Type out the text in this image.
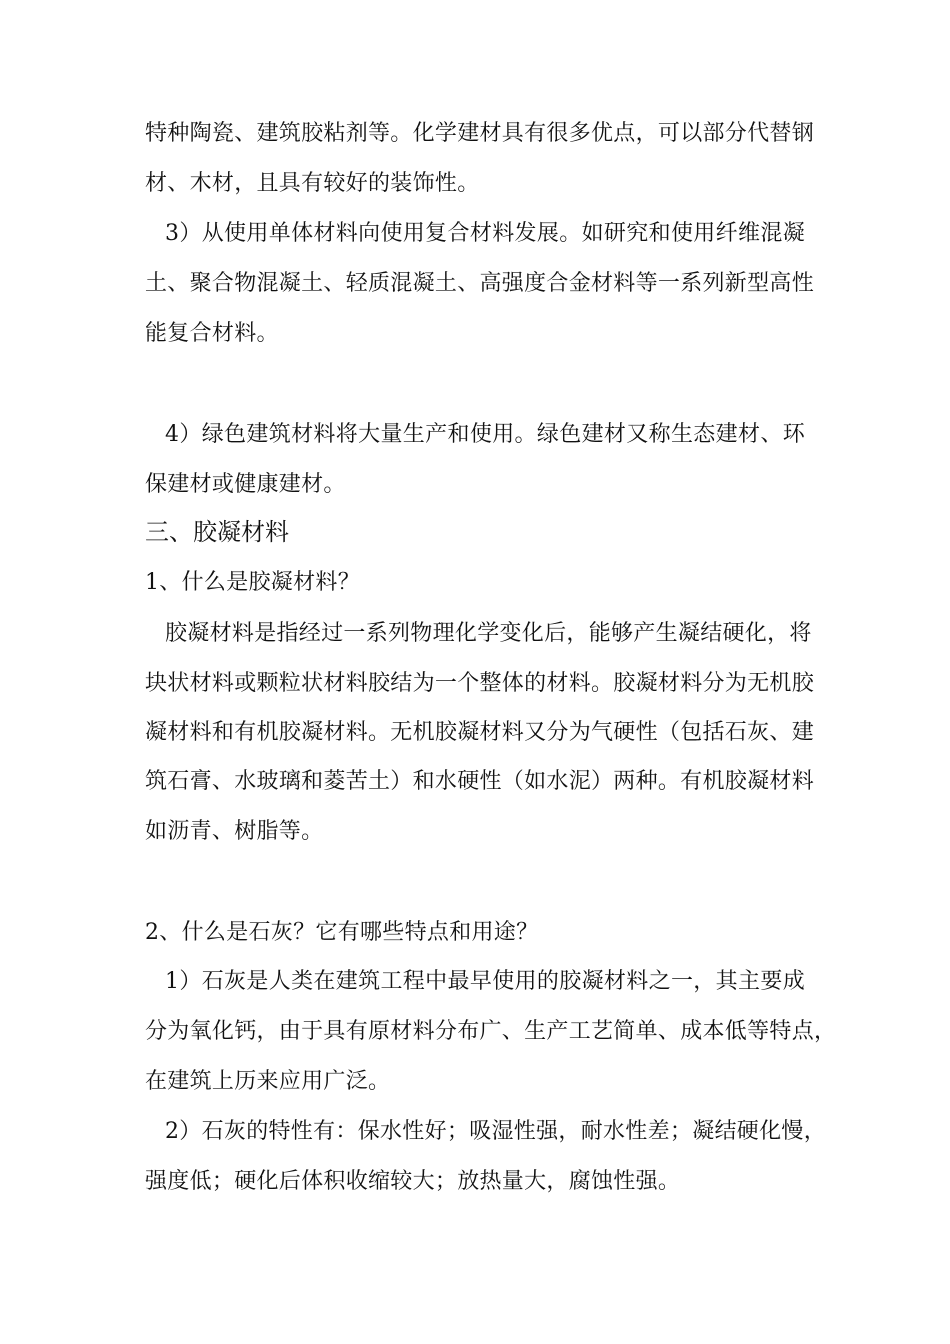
特种陶瓷、建筑胶粘剂等。化学建材具有很多优点，可以部分代替钢
材、木材，且具有较好的装饰性。
3）从使用单体材料向使用复合材料发展。如研究和使用纤维混凝
土、聚合物混凝土、轻质混凝土、高强度合金材料等一系列新型高性
能复合材料。
4）绿色建筑材料将大量生产和使用。绿色建材又称生态建材、环
保建材或健康建材。
三、胶凝材料
1、什么是胶凝材料？
胶凝材料是指经过一系列物理化学变化后，能够产生凝结硬化，将
块状材料或颗粒状材料胶结为一个整体的材料。胶凝材料分为无机胶
凝材料和有机胶凝材料。无机胶凝材料又分为气硬性（包括石灰、建
筑石膏、水玻璃和菱苦土）和水硬性（如水泥）两种。有机胶凝材料
如沥青、树脂等。
2、什么是石灰？它有哪些特点和用途？
1）石灰是人类在建筑工程中最早使用的胶凝材料之一，其主要成
分为氧化钙，由于具有原材料分布广、生产工艺简单、成本低等特点，
在建筑上历来应用广泛。
2）石灰的特性有：保水性好；吸湿性强，耐水性差；凝结硬化慢，
强度低；硬化后体积收缩较大；放热量大，腐蚀性强。
